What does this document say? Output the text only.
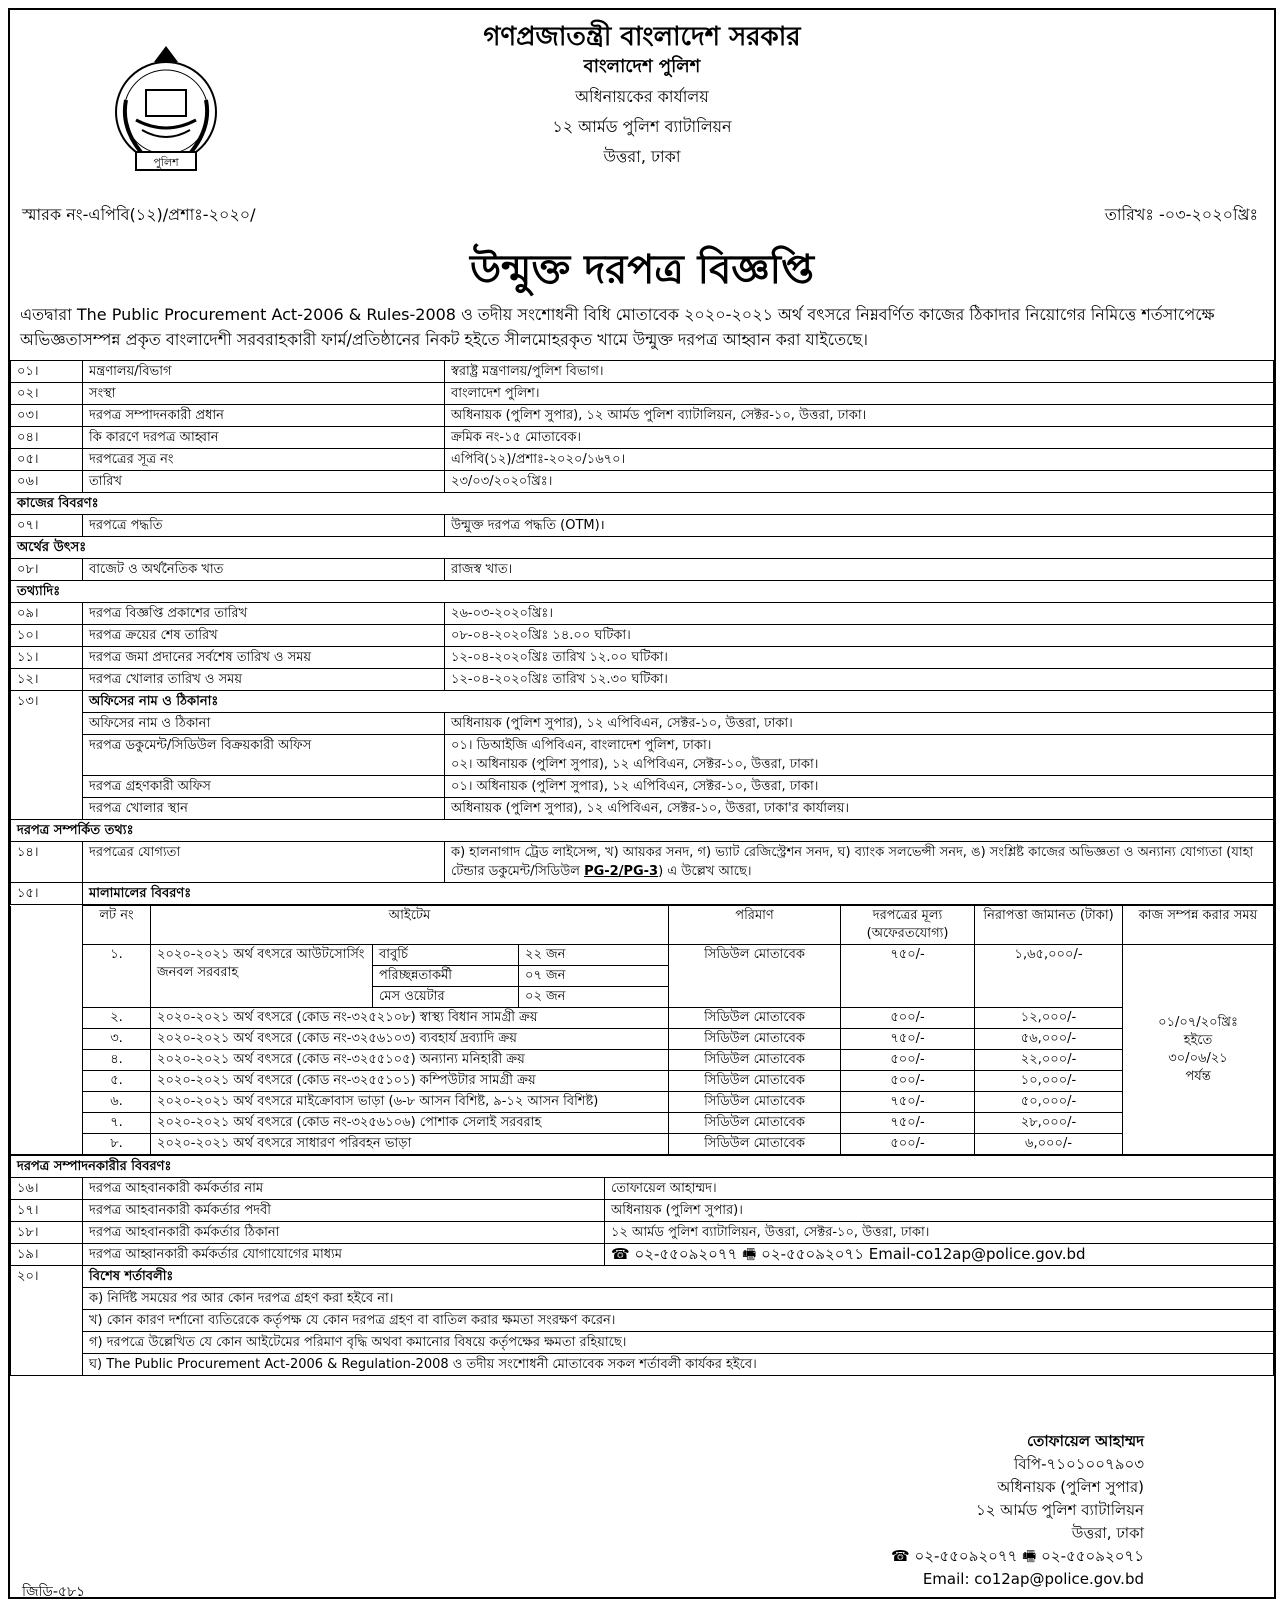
পুলিশ
গণপ্রজাতন্ত্রী বাংলাদেশ সরকার
বাংলাদেশ পুলিশ
অধিনায়কের কার্যালয়
১২ আর্মড পুলিশ ব্যাটালিয়ন
উত্তরা, ঢাকা
স্মারক নং-এপিবি(১২)/প্রশাঃ-২০২০/	তারিখঃ -০৩-২০২০খ্রিঃ
উন্মুক্ত দরপত্র বিজ্ঞপ্তি
এতদ্বারা The Public Procurement Act-2006 & Rules-2008 ও তদীয় সংশোধনী বিধি মোতাবেক ২০২০-২০২১ অর্থ বৎসরে নিম্নবর্ণিত কাজের ঠিকাদার নিয়োগের নিমিত্তে শর্তসাপেক্ষে অভিজ্ঞতাসম্পন্ন প্রকৃত বাংলাদেশী সরবরাহকারী ফার্ম/প্রতিষ্ঠানের নিকট হইতে সীলমোহরকৃত খামে উন্মুক্ত দরপত্র আহ্বান করা যাইতেছে।
০১।	মন্ত্রণালয়/বিভাগ	স্বরাষ্ট্র মন্ত্রণালয়/পুলিশ বিভাগ।
০২।	সংস্থা	বাংলাদেশ পুলিশ।
০৩।	দরপত্র সম্পাদনকারী প্রধান	অধিনায়ক (পুলিশ সুপার), ১২ আর্মড পুলিশ ব্যাটালিয়ন, সেক্টর-১০, উত্তরা, ঢাকা।
০৪।	কি কারণে দরপত্র আহ্বান	ক্রমিক নং-১৫ মোতাবেক।
০৫।	দরপত্রের সূত্র নং	এপিবি(১২)/প্রশাঃ-২০২০/১৬৭০।
০৬।	তারিখ	২৩/০৩/২০২০খ্রিঃ।
কাজের বিবরণঃ		
০৭।	দরপত্রে পদ্ধতি	উন্মুক্ত দরপত্র পদ্ধতি (OTM)।
অর্থের উৎসঃ		
০৮।	বাজেট ও অর্থনৈতিক খাত	রাজস্ব খাত।
তথ্যাদিঃ		
০৯।	দরপত্র বিজ্ঞপ্তি প্রকাশের তারিখ	২৬-০৩-২০২০খ্রিঃ।
১০।	দরপত্র ক্রয়ের শেষ তারিখ	০৮-০৪-২০২০খ্রিঃ ১৪.০০ ঘটিকা।
১১।	দরপত্র জমা প্রদানের সর্বশেষ তারিখ ও সময়	১২-০৪-২০২০খ্রিঃ তারিখ ১২.০০ ঘটিকা।
১২।	দরপত্র খোলার তারিখ ও সময়	১২-০৪-২০২০খ্রিঃ তারিখ ১২.৩০ ঘটিকা।
১৩।	অফিসের নাম ও ঠিকানাঃ	
	অফিসের নাম ও ঠিকানা	অধিনায়ক (পুলিশ সুপার), ১২ এপিবিএন, সেক্টর-১০, উত্তরা, ঢাকা।
	দরপত্র ডকুমেন্ট/সিডিউল বিক্রয়কারী অফিস	০১। ডিআইজি এপিবিএন, বাংলাদেশ পুলিশ, ঢাকা।
০২। অধিনায়ক (পুলিশ সুপার), ১২ এপিবিএন, সেক্টর-১০, উত্তরা, ঢাকা।

	দরপত্র গ্রহণকারী অফিস	০১। অধিনায়ক (পুলিশ সুপার), ১২ এপিবিএন, সেক্টর-১০, উত্তরা, ঢাকা।
	দরপত্র খোলার স্থান	অধিনায়ক (পুলিশ সুপার), ১২ এপিবিএন, সেক্টর-১০, উত্তরা, ঢাকা'র কার্যালয়।
দরপত্র সম্পর্কিত তথ্যঃ		
১৪।	দরপত্রের যোগ্যতা	ক) হালনাগাদ ট্রেড লাইসেন্স, খ) আয়কর সনদ, গ) ভ্যাট রেজিস্ট্রেশন সনদ, ঘ) ব্যাংক সলভেন্সী সনদ, ঙ) সংশ্লিষ্ট কাজের অভিজ্ঞতা ও অন্যান্য যোগ্যতা (যাহা টেন্ডার ডকুমেন্ট/সিডিউল PG-2/PG-3) এ উল্লেখ আছে।
১৫।	মালামালের বিবরণঃ	
	লট নং	আইটেম			পরিমাণ	দরপত্রের মূল্য (অফেরতযোগ্য)	নিরাপত্তা জামানত (টাকা)	কাজ সম্পন্ন করার সময়
	১.	২০২০-২০২১ অর্থ বৎসরে আউটসোর্সিং জনবল সরবরাহ	বাবুর্চি	২২ জন	সিডিউল মোতাবেক	৭৫০/-	১,৬৫,০০০/-	০১/০৭/২০খ্রিঃ
হইতে
৩০/০৬/২১
পর্যন্ত

			পরিচ্ছন্নতাকর্মী	০৭ জন				
			মেস ওয়েটার	০২ জন				
	২.	২০২০-২০২১ অর্থ বৎসরে (কোড নং-৩২৫২১০৮) স্বাস্থ্য বিধান সামগ্রী ক্রয়			সিডিউল মোতাবেক	৫০০/-	১২,০০০/-	
	৩.	২০২০-২০২১ অর্থ বৎসরে (কোড নং-৩২৫৬১০৩) ব্যবহার্য দ্রব্যাদি ক্রয়			সিডিউল মোতাবেক	৭৫০/-	৫৬,০০০/-	
	৪.	২০২০-২০২১ অর্থ বৎসরে (কোড নং-৩২৫৫১০৫) অন্যান্য মনিহারী ক্রয়			সিডিউল মোতাবেক	৫০০/-	২২,০০০/-	
	৫.	২০২০-২০২১ অর্থ বৎসরে (কোড নং-৩২৫৫১০১) কম্পিউটার সামগ্রী ক্রয়			সিডিউল মোতাবেক	৫০০/-	১০,০০০/-	
	৬.	২০২০-২০২১ অর্থ বৎসরে মাইক্রোবাস ভাড়া (৬-৮ আসন বিশিষ্ট, ৯-১২ আসন বিশিষ্ট)			সিডিউল মোতাবেক	৭৫০/-	৫০,০০০/-	
	৭.	২০২০-২০২১ অর্থ বৎসরে (কোড নং-৩২৫৬১০৬) পোশাক সেলাই সরবরাহ			সিডিউল মোতাবেক	৭৫০/-	২৮,০০০/-	
	৮.	২০২০-২০২১ অর্থ বৎসরে সাধারণ পরিবহন ভাড়া			সিডিউল মোতাবেক	৫০০/-	৬,০০০/-	
দরপত্র সম্পাদনকারীর বিবরণঃ		
১৬।	দরপত্র আহবানকারী কর্মকর্তার নাম	তোফায়েল আহাম্মদ।
১৭।	দরপত্র আহবানকারী কর্মকর্তার পদবী	অধিনায়ক (পুলিশ সুপার)।
১৮।	দরপত্র আহবানকারী কর্মকর্তার ঠিকানা	১২ আর্মড পুলিশ ব্যাটালিয়ন, উত্তরা, সেক্টর-১০, উত্তরা, ঢাকা।
১৯।	দরপত্র আহ্বানকারী কর্মকর্তার যোগাযোগের মাধ্যম	☎ ০২-৫৫০৯২০৭৭ 🖷 ০২-৫৫০৯২০৭১ Email-co12ap@police.gov.bd
২০।	বিশেষ শর্তাবলীঃ	
	ক) নির্দিষ্ট সময়ের পর আর কোন দরপত্র গ্রহণ করা হইবে না।	
	খ) কোন কারণ দর্শানো ব্যতিরেকে কর্তৃপক্ষ যে কোন দরপত্র গ্রহণ বা বাতিল করার ক্ষমতা সংরক্ষণ করেন।	
	গ) দরপত্রে উল্লেখিত যে কোন আইটেমের পরিমাণ বৃদ্ধি অথবা কমানোর বিষয়ে কর্তৃপক্ষের ক্ষমতা রহিয়াছে।	
	ঘ) The Public Procurement Act-2006 & Regulation-2008 ও তদীয় সংশোধনী মোতাবেক সকল শর্তাবলী কার্যকর হইবে।	
তোফায়েল আহাম্মদ
বিপি-৭১০১০০৭৯০৩
অধিনায়ক (পুলিশ সুপার)
১২ আর্মড পুলিশ ব্যাটালিয়ন
উত্তরা, ঢাকা
☎ ০২-৫৫০৯২০৭৭ 🖷 ০২-৫৫০৯২০৭১
Email: co12ap@police.gov.bd
জিডি-৫৮১
